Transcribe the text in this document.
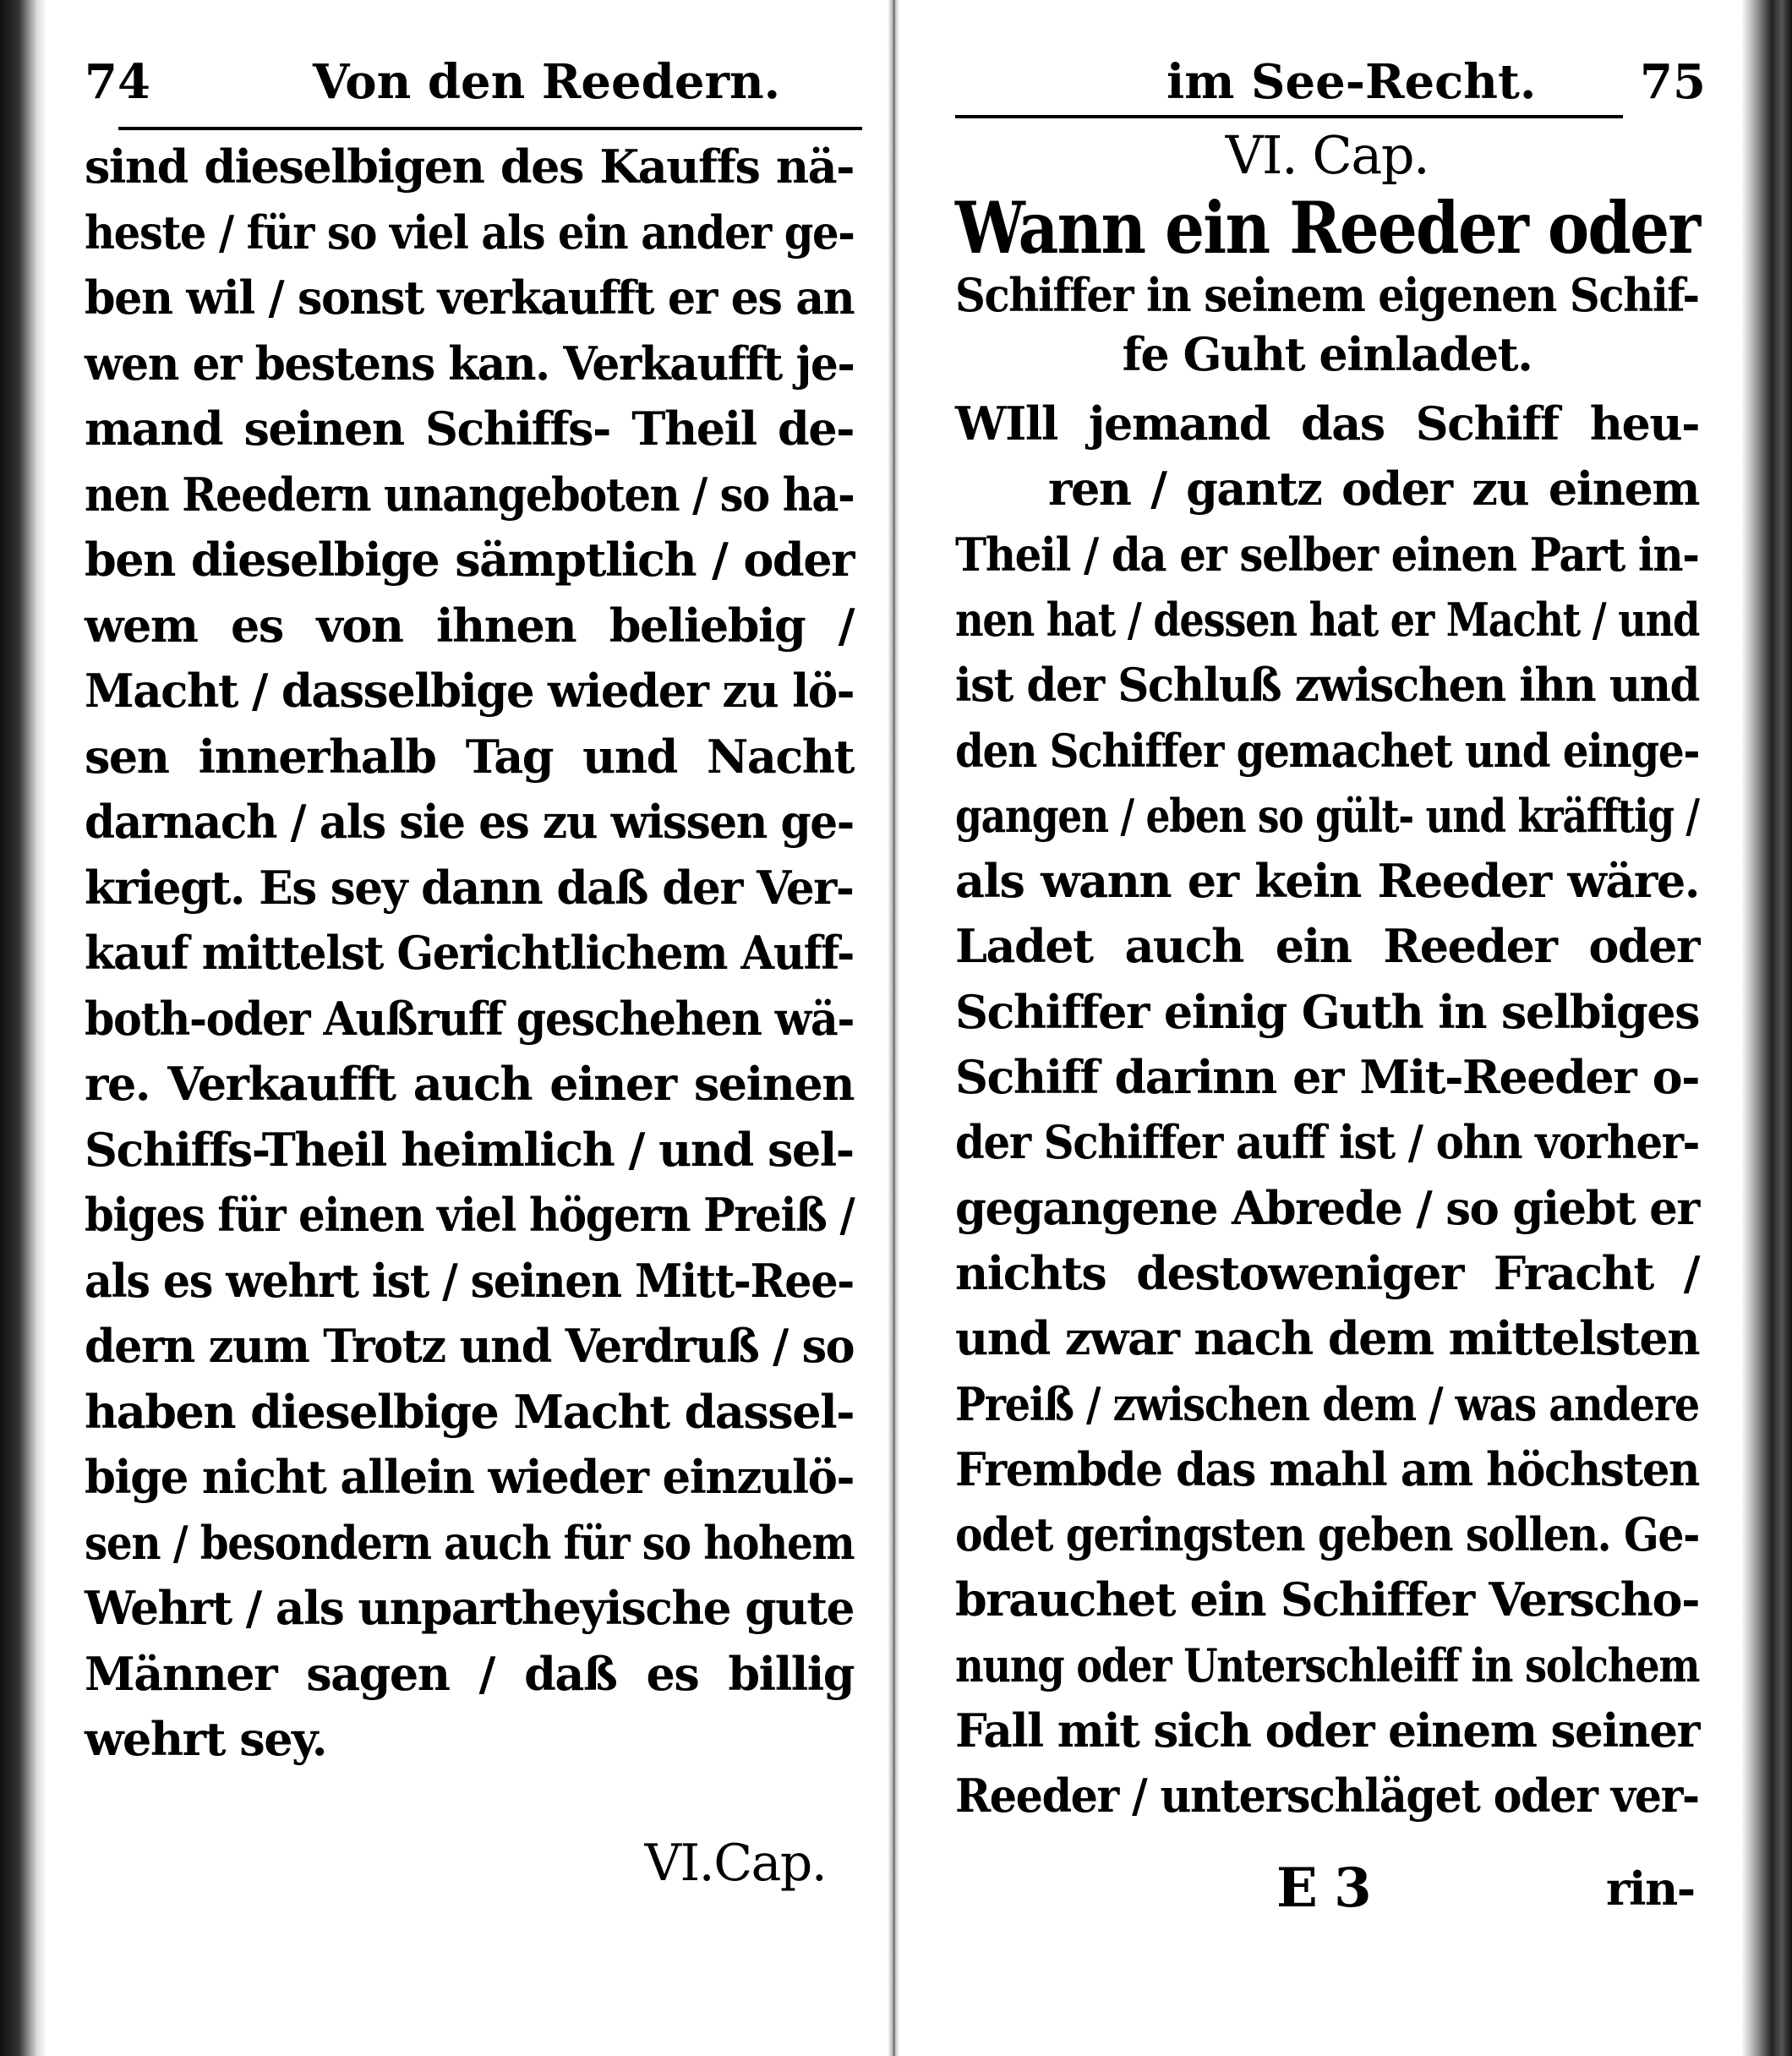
74	Von den Reedern.
sind dieselbigen des Kauffs nä-
heste / für so viel als ein ander ge-
ben wil / sonst verkaufft er es an
wen er bestens kan. Verkaufft je-
mand seinen Schiffs- Theil de-
nen Reedern unangeboten / so ha-
ben dieselbige sämptlich / oder
wem es von ihnen beliebig /
Macht / dasselbige wieder zu lö-
sen innerhalb Tag und Nacht
darnach / als sie es zu wissen ge-
kriegt. Es sey dann daß der Ver-
kauf mittelst Gerichtlichem Auff-
both-oder Außruff geschehen wä-
re. Verkaufft auch einer seinen
Schiffs-Theil heimlich / und sel-
biges für einen viel högern Preiß /
als es wehrt ist / seinen Mitt-Ree-
dern zum Trotz und Verdruß / so
haben dieselbige Macht dassel-
bige nicht allein wieder einzulö-
sen / besondern auch für so hohem
Wehrt / als unpartheyische gute
Männer sagen / daß es billig
wehrt sey.
VI.Cap.
im See-Recht. 75
VI. Cap.
Wann ein Reeder oder
Schiffer in seinem eigenen Schif-
fe Guht einladet.
WIll jemand das Schiff heu-
ren / gantz oder zu einem
Theil / da er selber einen Part in-
nen hat / dessen hat er Macht / und
ist der Schluß zwischen ihn und
den Schiffer gemachet und einge-
gangen / eben so gült- und kräfftig /
als wann er kein Reeder wäre.
Ladet auch ein Reeder oder
Schiffer einig Guth in selbiges
Schiff darinn er Mit-Reeder o-
der Schiffer auff ist / ohn vorher-
gegangene Abrede / so giebt er
nichts destoweniger Fracht /
und zwar nach dem mittelsten
Preiß / zwischen dem / was andere
Frembde das mahl am höchsten
odet geringsten geben sollen. Ge-
brauchet ein Schiffer Verscho-
nung oder Unterschleiff in solchem
Fall mit sich oder einem seiner
Reeder / unterschläget oder ver-
E 3	rin-
